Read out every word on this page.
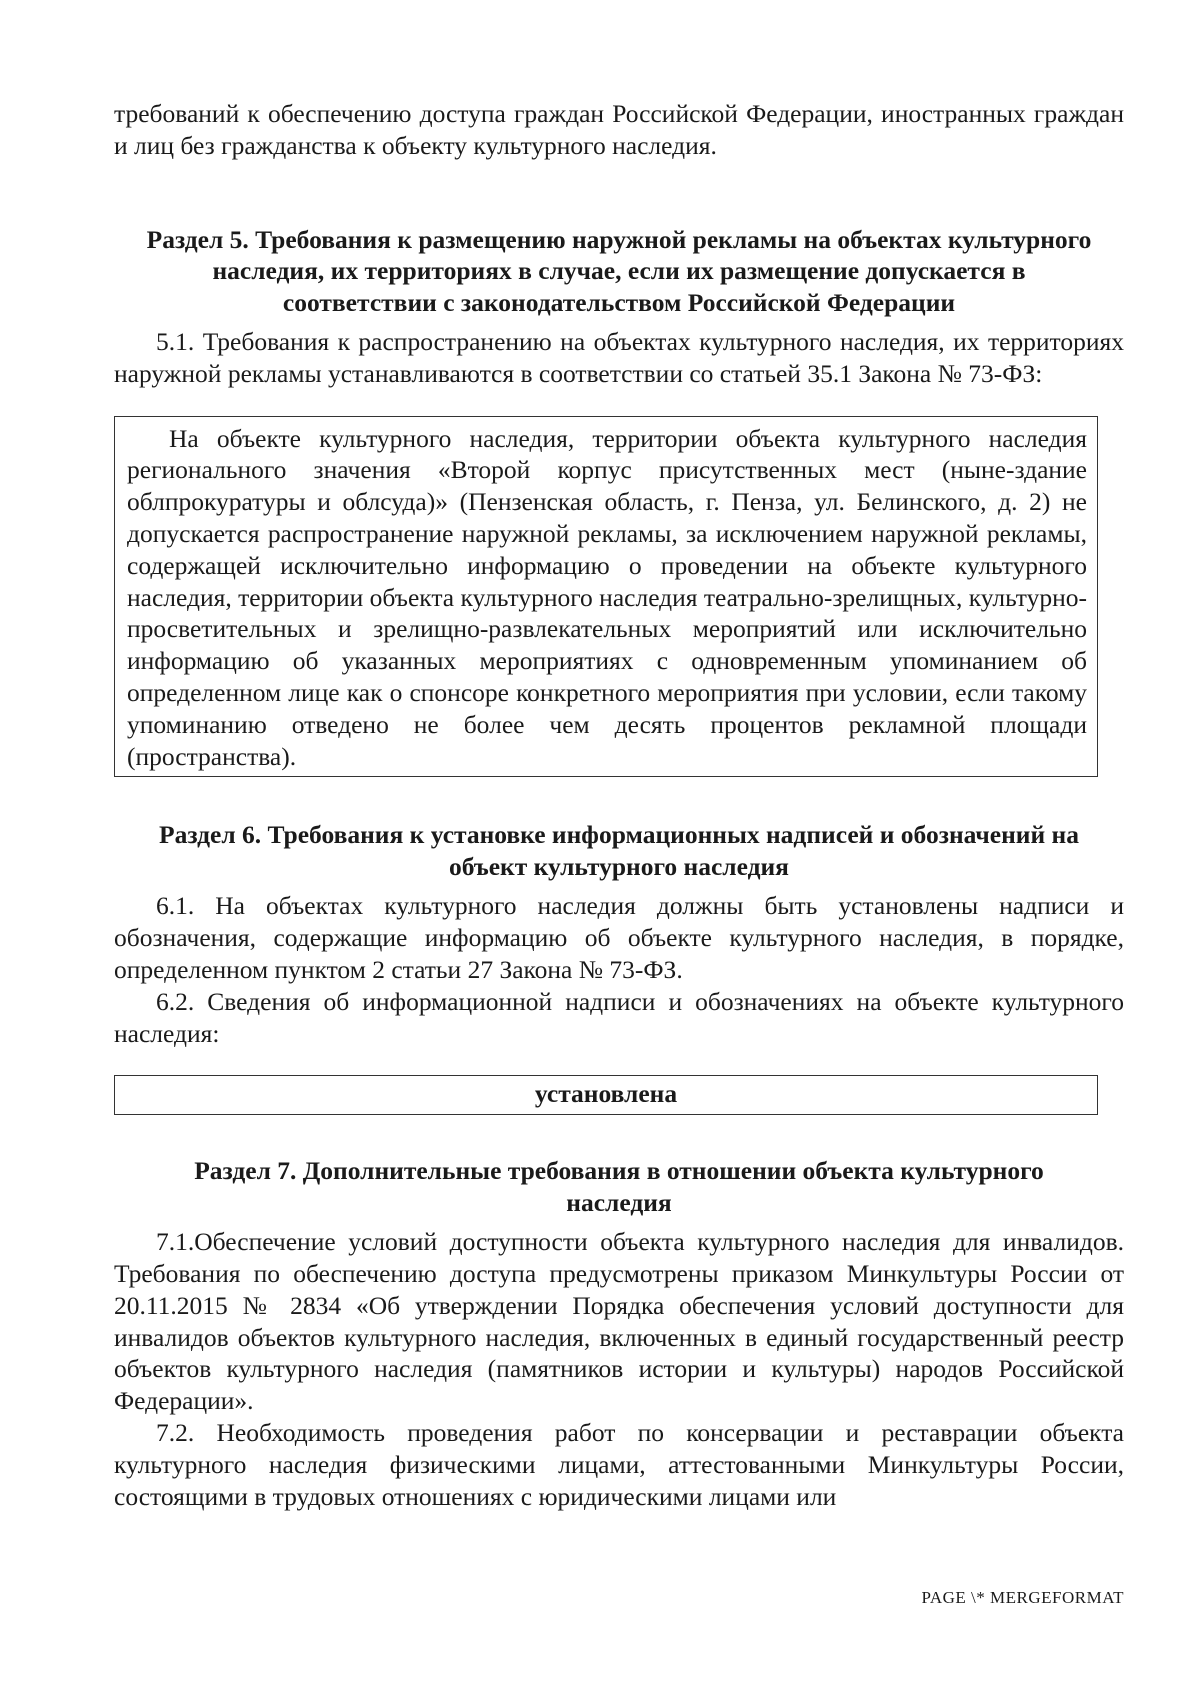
требований к обеспечению доступа граждан Российской Федерации, иностранных граждан и лиц без гражданства к объекту культурного наследия.

Раздел 5. Требования к размещению наружной рекламы на объектах культурного наследия, их территориях в случае, если их размещение допускается в соответствии с законодательством Российской Федерации

5.1. Требования к распространению на объектах культурного наследия, их территориях наружной рекламы устанавливаются в соответствии со статьей 35.1 Закона № 73-ФЗ:

На объекте культурного наследия, территории объекта культурного наследия регионального значения «Второй корпус присутственных мест (ныне-здание облпрокуратуры и облсуда)» (Пензенская область, г. Пенза, ул. Белинского, д. 2) не допускается распространение наружной рекламы, за исключением наружной рекламы, содержащей исключительно информацию о проведении на объекте культурного наследия, территории объекта культурного наследия театрально-зрелищных, культурно-просветительных и зрелищно-развлекательных мероприятий или исключительно информацию об указанных мероприятиях с одновременным упоминанием об определенном лице как о спонсоре конкретного мероприятия при условии, если такому упоминанию отведено не более чем десять процентов рекламной площади (пространства).

Раздел 6. Требования к установке информационных надписей и обозначений на объект культурного наследия

6.1. На объектах культурного наследия должны быть установлены надписи и обозначения, содержащие информацию об объекте культурного наследия, в порядке, определенном пунктом 2 статьи 27 Закона № 73-ФЗ.

6.2. Сведения об информационной надписи и обозначениях на объекте культурного наследия:

установлена
Раздел 7. Дополнительные требования в отношении объекта культурного наследия

7.1.Обеспечение условий доступности объекта культурного наследия для инвалидов. Требования по обеспечению доступа предусмотрены приказом Минкультуры России от 20.11.2015 № 2834 «Об утверждении Порядка обеспечения условий доступности для инвалидов объектов культурного наследия, включенных в единый государственный реестр объектов культурного наследия (памятников истории и культуры) народов Российской Федерации».

7.2. Необходимость проведения работ по консервации и реставрации объекта культурного наследия физическими лицами, аттестованными Минкультуры России, состоящими в трудовых отношениях с юридическими лицами или

PAGE \* MERGEFORMAT
